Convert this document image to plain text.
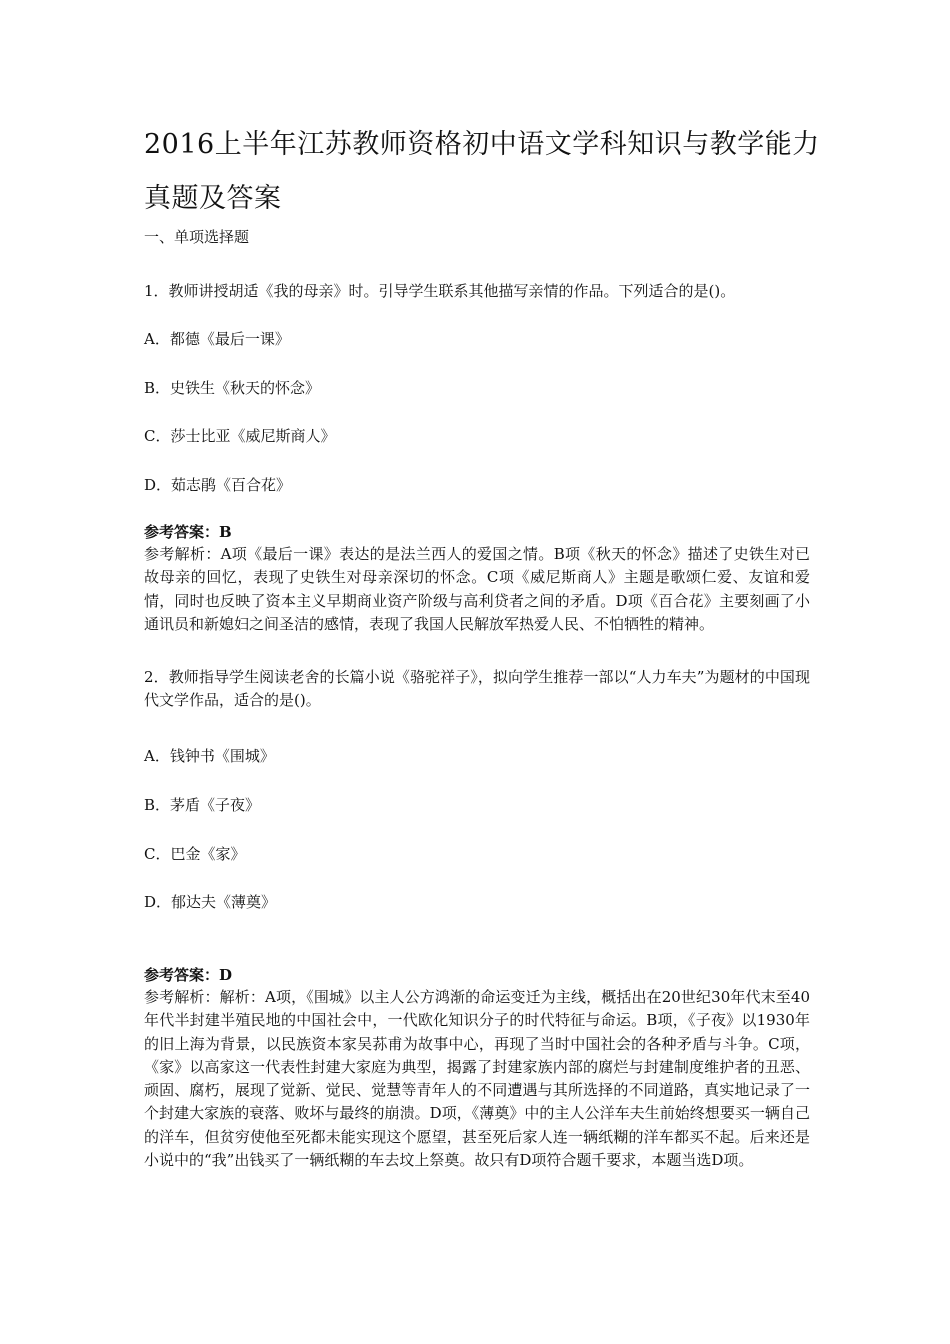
2016上半年江苏教师资格初中语文学科知识与教学能力真题及答案
一、单项选择题
1．教师讲授胡适《我的母亲》时。引导学生联系其他描写亲情的作品。下列适合的是()。
A．都德《最后一课》
B．史铁生《秋天的怀念》
C．莎士比亚《威尼斯商人》
D．茹志鹃《百合花》
参考答案：B

参考解析：A项《最后一课》表达的是法兰西人的爱国之情。B项《秋天的怀念》描述了史铁生对已故母亲的回忆，表现了史铁生对母亲深切的怀念。C项《威尼斯商人》主题是歌颂仁爱、友谊和爱情，同时也反映了资本主义早期商业资产阶级与高利贷者之间的矛盾。D项《百合花》主要刻画了小通讯员和新媳妇之间圣洁的感情，表现了我国人民解放军热爱人民、不怕牺牲的精神。

2．教师指导学生阅读老舍的长篇小说《骆驼祥子》，拟向学生推荐一部以“人力车夫”为题材的中国现代文学作品，适合的是()。

A．钱钟书《围城》
B．茅盾《子夜》
C．巴金《家》
D．郁达夫《薄奠》
参考答案：D

参考解析：解析：A项，《围城》以主人公方鸿渐的命运变迁为主线，概括出在20世纪30年代末至40年代半封建半殖民地的中国社会中，一代欧化知识分子的时代特征与命运。B项，《子夜》以1930年的旧上海为背景，以民族资本家吴荪甫为故事中心，再现了当时中国社会的各种矛盾与斗争。C项，《家》以高家这一代表性封建大家庭为典型，揭露了封建家族内部的腐烂与封建制度维护者的丑恶、顽固、腐朽，展现了觉新、觉民、觉慧等青年人的不同遭遇与其所选择的不同道路，真实地记录了一个封建大家族的衰落、败坏与最终的崩溃。D项，《薄奠》中的主人公洋车夫生前始终想要买一辆自己的洋车，但贫穷使他至死都未能实现这个愿望，甚至死后家人连一辆纸糊的洋车都买不起。后来还是小说中的“我”出钱买了一辆纸糊的车去坟上祭奠。故只有D项符合题千要求，本题当选D项。
